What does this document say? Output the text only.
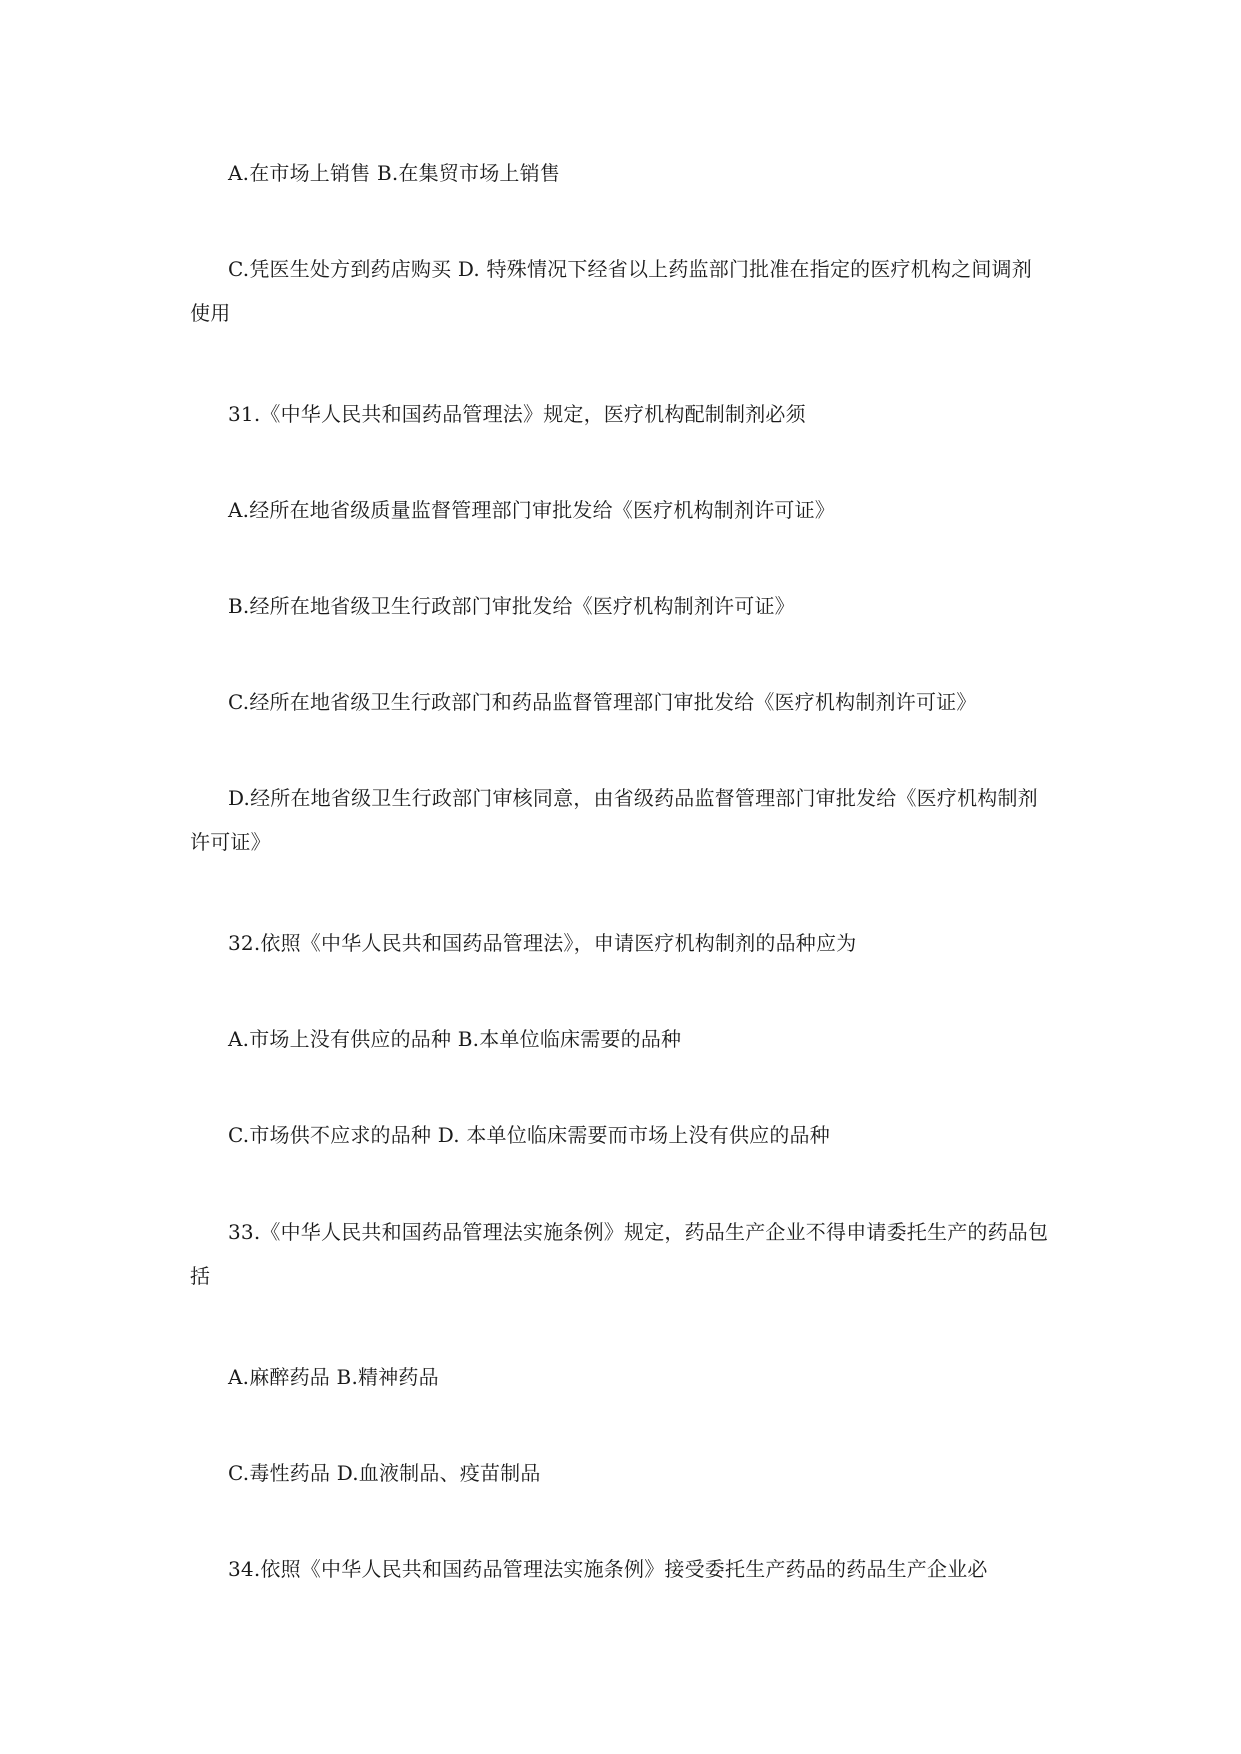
A.在市场上销售 B.在集贸市场上销售

C.凭医生处方到药店购买 D. 特殊情况下经省以上药监部门批准在指定的医疗机构之间调剂使用

31.《中华人民共和国药品管理法》规定，医疗机构配制制剂必须

A.经所在地省级质量监督管理部门审批发给《医疗机构制剂许可证》

B.经所在地省级卫生行政部门审批发给《医疗机构制剂许可证》

C.经所在地省级卫生行政部门和药品监督管理部门审批发给《医疗机构制剂许可证》

D.经所在地省级卫生行政部门审核同意，由省级药品监督管理部门审批发给《医疗机构制剂许可证》

32.依照《中华人民共和国药品管理法》，申请医疗机构制剂的品种应为

A.市场上没有供应的品种 B.本单位临床需要的品种

C.市场供不应求的品种 D. 本单位临床需要而市场上没有供应的品种

33.《中华人民共和国药品管理法实施条例》规定，药品生产企业不得申请委托生产的药品包括

A.麻醉药品 B.精神药品

C.毒性药品 D.血液制品、疫苗制品

34.依照《中华人民共和国药品管理法实施条例》接受委托生产药品的药品生产企业必
